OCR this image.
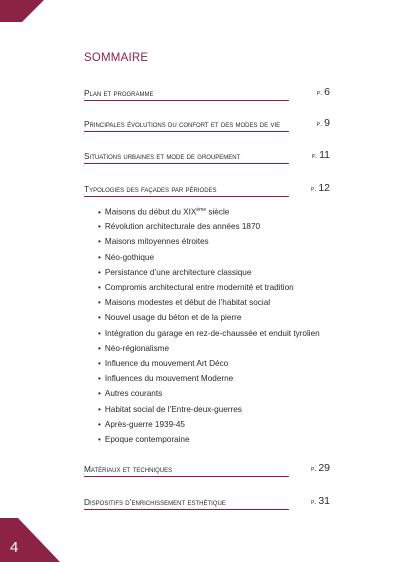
SOMMAIRE
4
Plan et programme	p. 6
Principales évolutions du confort et des modes de vie	p. 9
Situations urbaines et mode de groupement	p. 11
Typologies des façades par périodes	p. 12
Matériaux et techniques	p. 29
Dispositifs d’enrichissement esthétique	p. 31
• Maisons du début du XIXème siècle
• Révolution architecturale des années 1870
• Maisons mitoyennes étroites
• Néo-gothique
• Persistance d’une architecture classique
• Compromis architectural entre modernité et tradition
• Maisons modestes et début de l’habitat social
• Nouvel usage du béton et de la pierre
• Intégration du garage en rez-de-chaussée et enduit tyrolien
• Néo-régionalisme
• Influence du mouvement Art Déco
• Influences du mouvement Moderne
• Autres courants
• Habitat social de l’Entre-deux-guerres
• Après-guerre 1939-45
• Epoque contemporaine
